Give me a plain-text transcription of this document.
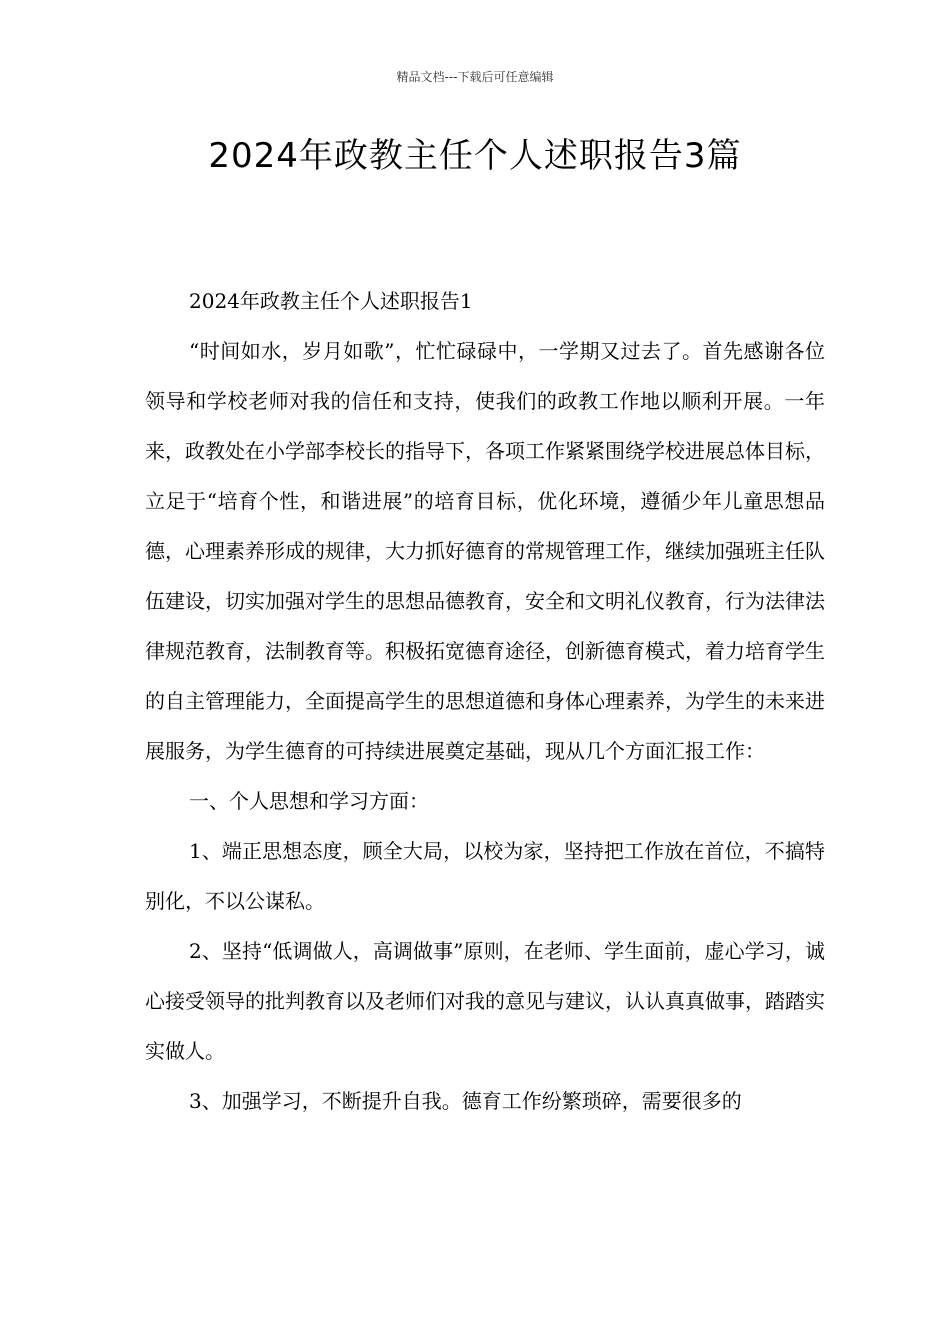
精品文档---下载后可任意编辑
2024年政教主任个人述职报告3篇

2024年政教主任个人述职报告1

“时间如水，岁月如歌”，忙忙碌碌中，一学期又过去了。首先感谢各位领导和学校老师对我的信任和支持，使我们的政教工作地以顺利开展。一年来，政教处在小学部李校长的指导下，各项工作紧紧围绕学校进展总体目标，立足于“培育个性，和谐进展”的培育目标，优化环境，遵循少年儿童思想品德，心理素养形成的规律，大力抓好德育的常规管理工作，继续加强班主任队伍建设，切实加强对学生的思想品德教育，安全和文明礼仪教育，行为法律法律规范教育，法制教育等。积极拓宽德育途径，创新德育模式，着力培育学生的自主管理能力，全面提高学生的思想道德和身体心理素养，为学生的未来进展服务，为学生德育的可持续进展奠定基础，现从几个方面汇报工作：

一、个人思想和学习方面：

1、端正思想态度，顾全大局，以校为家，坚持把工作放在首位，不搞特别化，不以公谋私。

2、坚持“低调做人，高调做事”原则，在老师、学生面前，虚心学习，诚心接受领导的批判教育以及老师们对我的意见与建议，认认真真做事，踏踏实实做人。

3、加强学习，不断提升自我。德育工作纷繁琐碎，需要很多的
